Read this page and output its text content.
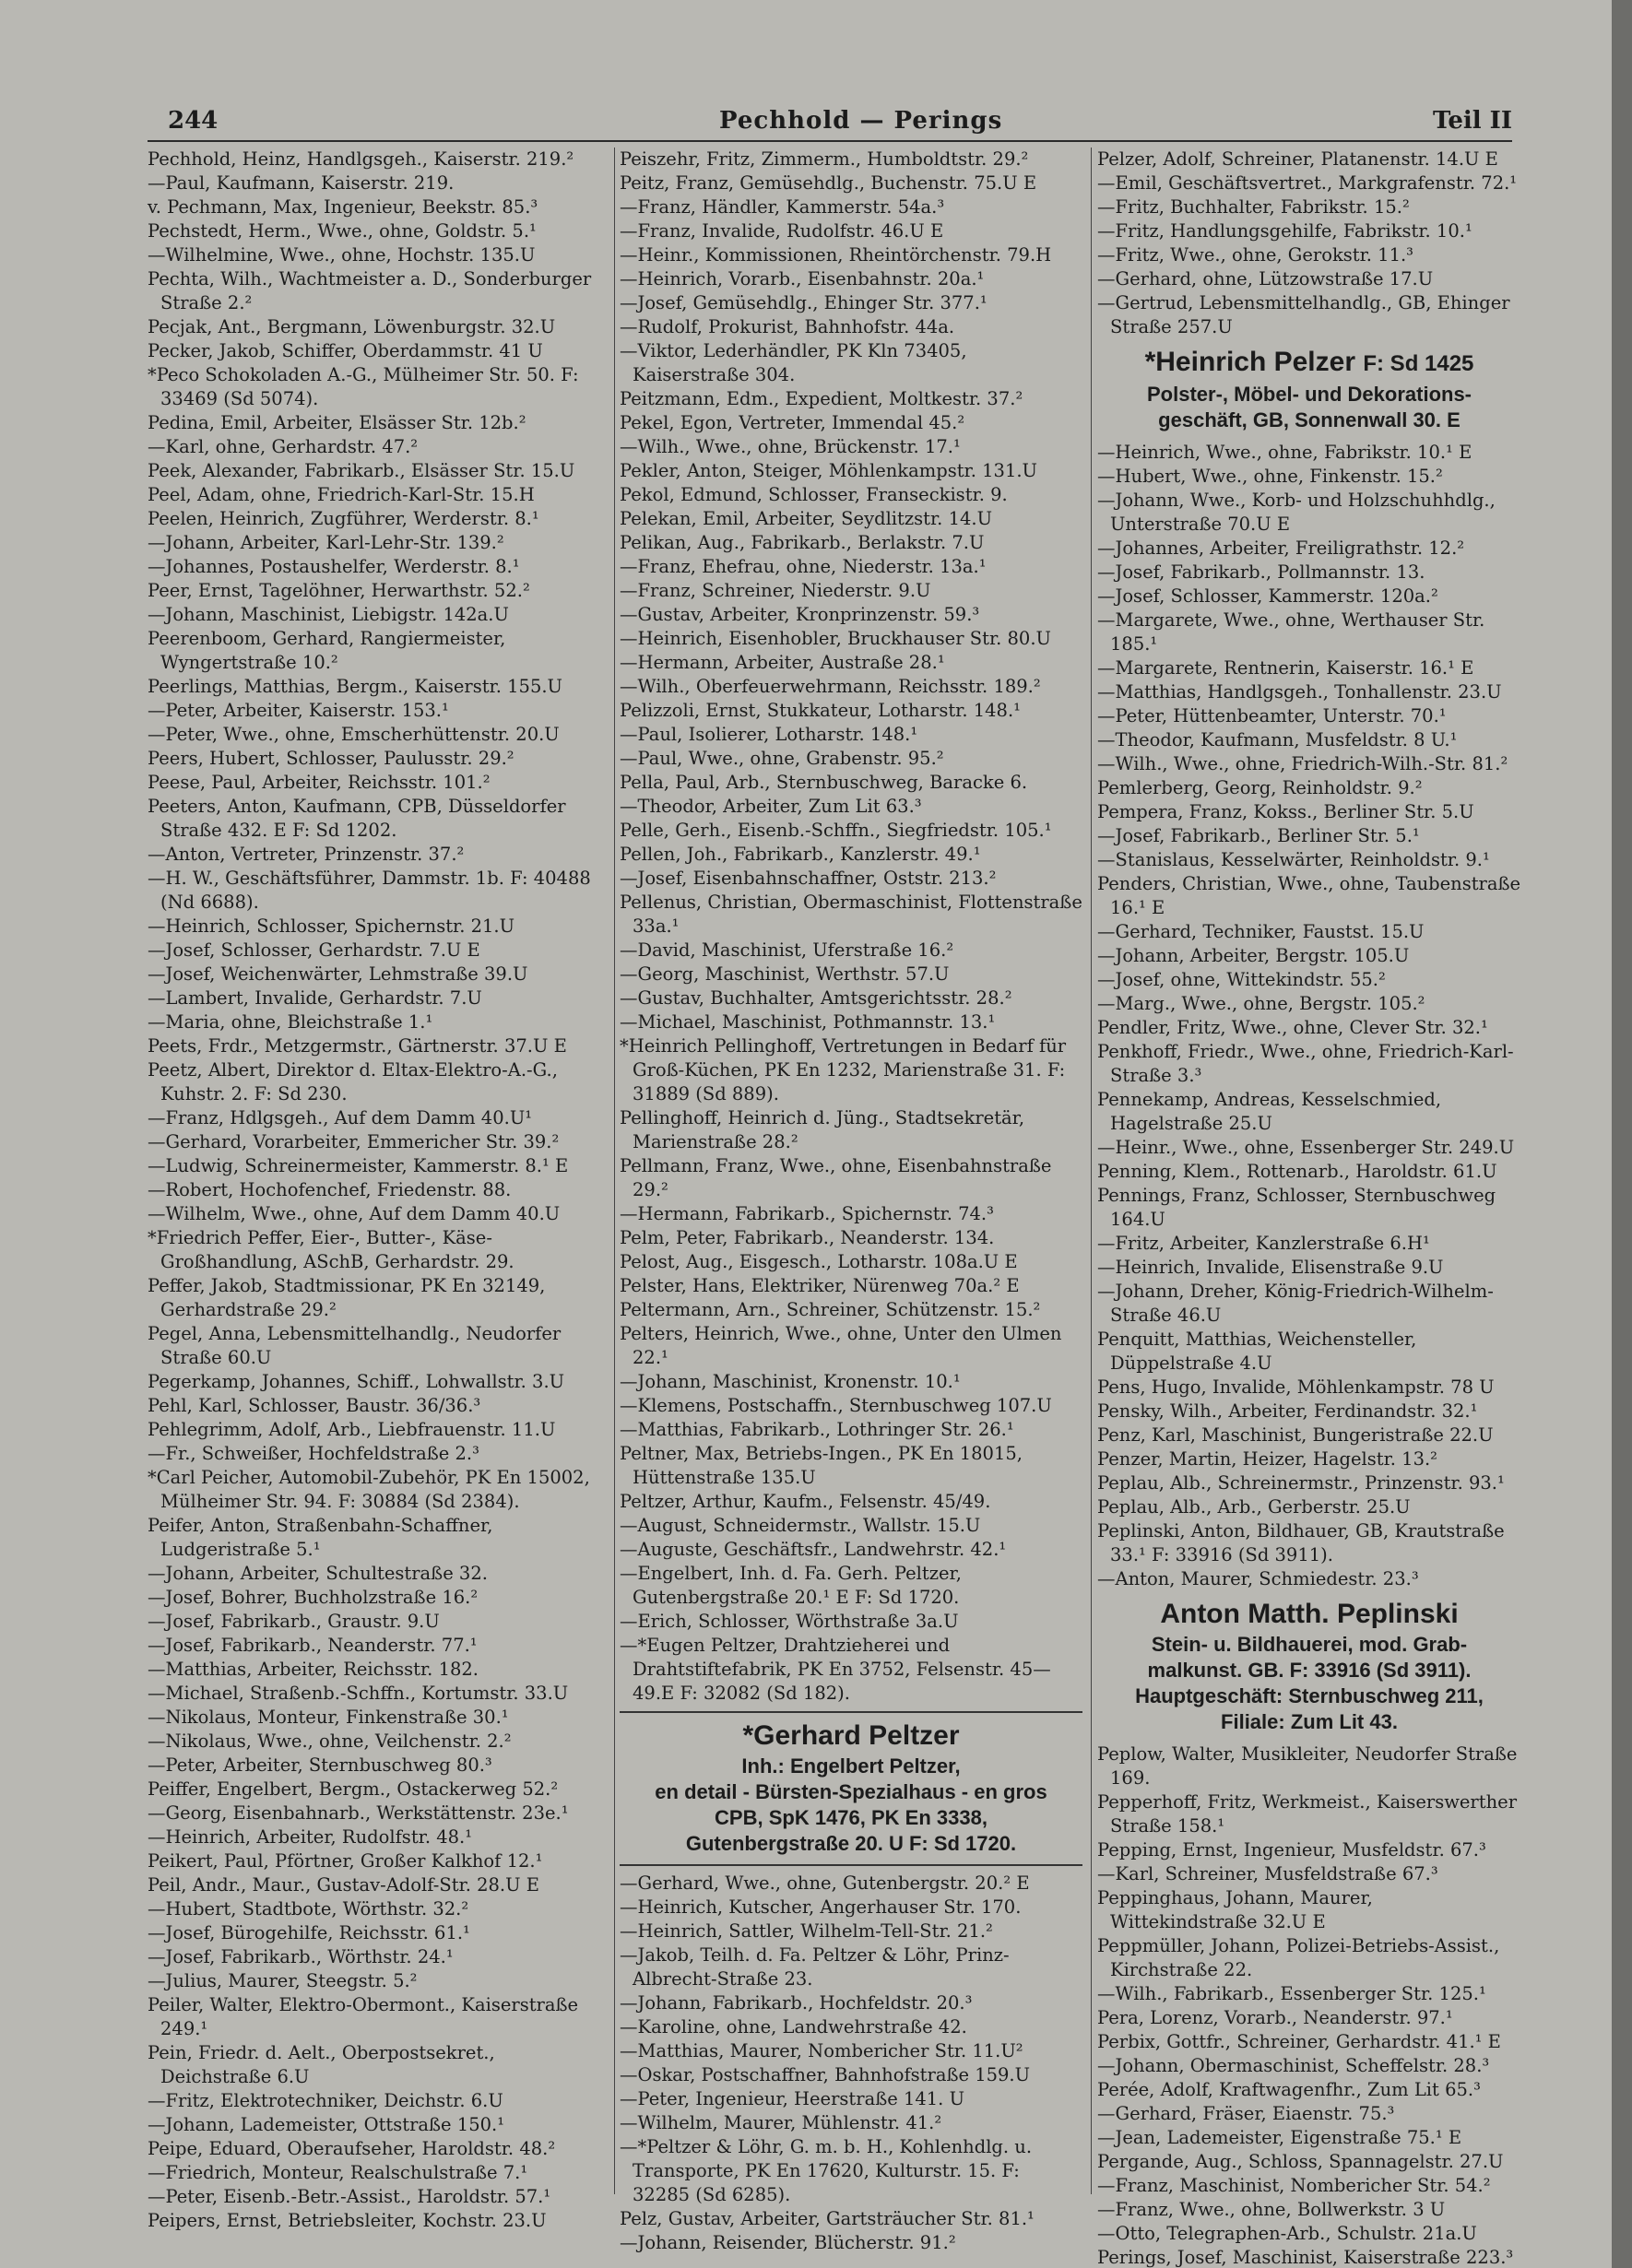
244	Pechhold — Perings	Teil II
Pechhold, Heinz, Handlgsgeh., Kaiserstr. 219.²
—Paul, Kaufmann, Kaiserstr. 219.
v. Pechmann, Max, Ingenieur, Beekstr. 85.³
Pechstedt, Herm., Wwe., ohne, Goldstr. 5.¹
—Wilhelmine, Wwe., ohne, Hochstr. 135.U
Pechta, Wilh., Wachtmeister a. D., Sonderburger Straße 2.²
Pecjak, Ant., Bergmann, Löwenburgstr. 32.U
Pecker, Jakob, Schiffer, Oberdammstr. 41 U
*Peco Schokoladen A.-G., Mülheimer Str. 50. F: 33469 (Sd 5074).
Pedina, Emil, Arbeiter, Elsässer Str. 12b.²
—Karl, ohne, Gerhardstr. 47.²
Peek, Alexander, Fabrikarb., Elsässer Str. 15.U
Peel, Adam, ohne, Friedrich-Karl-Str. 15.H
Peelen, Heinrich, Zugführer, Werderstr. 8.¹
—Johann, Arbeiter, Karl-Lehr-Str. 139.²
—Johannes, Postaushelfer, Werderstr. 8.¹
Peer, Ernst, Tagelöhner, Herwarthstr. 52.²
—Johann, Maschinist, Liebigstr. 142a.U
Peerenboom, Gerhard, Rangiermeister, Wyngertstraße 10.²
Peerlings, Matthias, Bergm., Kaiserstr. 155.U
—Peter, Arbeiter, Kaiserstr. 153.¹
—Peter, Wwe., ohne, Emscherhüttenstr. 20.U
Peers, Hubert, Schlosser, Paulusstr. 29.²
Peese, Paul, Arbeiter, Reichsstr. 101.²
Peeters, Anton, Kaufmann, CPB, Düsseldorfer Straße 432. E F: Sd 1202.
—Anton, Vertreter, Prinzenstr. 37.²
—H. W., Geschäftsführer, Dammstr. 1b. F: 40488 (Nd 6688).
—Heinrich, Schlosser, Spichernstr. 21.U
—Josef, Schlosser, Gerhardstr. 7.U E
—Josef, Weichenwärter, Lehmstraße 39.U
—Lambert, Invalide, Gerhardstr. 7.U
—Maria, ohne, Bleichstraße 1.¹
Peets, Frdr., Metzgermstr., Gärtnerstr. 37.U E
Peetz, Albert, Direktor d. Eltax-Elektro-A.-G., Kuhstr. 2. F: Sd 230.
—Franz, Hdlgsgeh., Auf dem Damm 40.U¹
—Gerhard, Vorarbeiter, Emmericher Str. 39.²
—Ludwig, Schreinermeister, Kammerstr. 8.¹ E
—Robert, Hochofenchef, Friedenstr. 88.
—Wilhelm, Wwe., ohne, Auf dem Damm 40.U
*Friedrich Peffer, Eier-, Butter-, Käse-Großhandlung, ASchB, Gerhardstr. 29.
Peffer, Jakob, Stadtmissionar, PK En 32149, Gerhardstraße 29.²
Pegel, Anna, Lebensmittelhandlg., Neudorfer Straße 60.U
Pegerkamp, Johannes, Schiff., Lohwallstr. 3.U
Pehl, Karl, Schlosser, Baustr. 36/36.³
Pehlegrimm, Adolf, Arb., Liebfrauenstr. 11.U
—Fr., Schweißer, Hochfeldstraße 2.³
*Carl Peicher, Automobil-Zubehör, PK En 15002, Mülheimer Str. 94. F: 30884 (Sd 2384).
Peifer, Anton, Straßenbahn-Schaffner, Ludgeristraße 5.¹
—Johann, Arbeiter, Schultestraße 32.
—Josef, Bohrer, Buchholzstraße 16.²
—Josef, Fabrikarb., Graustr. 9.U
—Josef, Fabrikarb., Neanderstr. 77.¹
—Matthias, Arbeiter, Reichsstr. 182.
—Michael, Straßenb.-Schffn., Kortumstr. 33.U
—Nikolaus, Monteur, Finkenstraße 30.¹
—Nikolaus, Wwe., ohne, Veilchenstr. 2.²
—Peter, Arbeiter, Sternbuschweg 80.³
Peiffer, Engelbert, Bergm., Ostackerweg 52.²
—Georg, Eisenbahnarb., Werkstättenstr. 23e.¹
—Heinrich, Arbeiter, Rudolfstr. 48.¹
Peikert, Paul, Pförtner, Großer Kalkhof 12.¹
Peil, Andr., Maur., Gustav-Adolf-Str. 28.U E
—Hubert, Stadtbote, Wörthstr. 32.²
—Josef, Bürogehilfe, Reichsstr. 61.¹
—Josef, Fabrikarb., Wörthstr. 24.¹
—Julius, Maurer, Steegstr. 5.²
Peiler, Walter, Elektro-Obermont., Kaiserstraße 249.¹
Pein, Friedr. d. Aelt., Oberpostsekret., Deichstraße 6.U
—Fritz, Elektrotechniker, Deichstr. 6.U
—Johann, Lademeister, Ottstraße 150.¹
Peipe, Eduard, Oberaufseher, Haroldstr. 48.²
—Friedrich, Monteur, Realschulstraße 7.¹
—Peter, Eisenb.-Betr.-Assist., Haroldstr. 57.¹
Peipers, Ernst, Betriebsleiter, Kochstr. 23.U
Peiszehr, Fritz, Zimmerm., Humboldtstr. 29.²
Peitz, Franz, Gemüsehdlg., Buchenstr. 75.U E
—Franz, Händler, Kammerstr. 54a.³
—Franz, Invalide, Rudolfstr. 46.U E
—Heinr., Kommissionen, Rheintörchenstr. 79.H
—Heinrich, Vorarb., Eisenbahnstr. 20a.¹
—Josef, Gemüsehdlg., Ehinger Str. 377.¹
—Rudolf, Prokurist, Bahnhofstr. 44a.
—Viktor, Lederhändler, PK Kln 73405, Kaiserstraße 304.
Peitzmann, Edm., Expedient, Moltkestr. 37.²
Pekel, Egon, Vertreter, Immendal 45.²
—Wilh., Wwe., ohne, Brückenstr. 17.¹
Pekler, Anton, Steiger, Möhlenkampstr. 131.U
Pekol, Edmund, Schlosser, Franseckistr. 9.
Pelekan, Emil, Arbeiter, Seydlitzstr. 14.U
Pelikan, Aug., Fabrikarb., Berlakstr. 7.U
—Franz, Ehefrau, ohne, Niederstr. 13a.¹
—Franz, Schreiner, Niederstr. 9.U
—Gustav, Arbeiter, Kronprinzenstr. 59.³
—Heinrich, Eisenhobler, Bruckhauser Str. 80.U
—Hermann, Arbeiter, Austraße 28.¹
—Wilh., Oberfeuerwehrmann, Reichsstr. 189.²
Pelizzoli, Ernst, Stukkateur, Lotharstr. 148.¹
—Paul, Isolierer, Lotharstr. 148.¹
—Paul, Wwe., ohne, Grabenstr. 95.²
Pella, Paul, Arb., Sternbuschweg, Baracke 6.
—Theodor, Arbeiter, Zum Lit 63.³
Pelle, Gerh., Eisenb.-Schffn., Siegfriedstr. 105.¹
Pellen, Joh., Fabrikarb., Kanzlerstr. 49.¹
—Josef, Eisenbahnschaffner, Oststr. 213.²
Pellenus, Christian, Obermaschinist, Flottenstraße 33a.¹
—David, Maschinist, Uferstraße 16.²
—Georg, Maschinist, Werthstr. 57.U
—Gustav, Buchhalter, Amtsgerichtsstr. 28.²
—Michael, Maschinist, Pothmannstr. 13.¹
*Heinrich Pellinghoff, Vertretungen in Bedarf für Groß-Küchen, PK En 1232, Marienstraße 31. F: 31889 (Sd 889).
Pellinghoff, Heinrich d. Jüng., Stadtsekretär, Marienstraße 28.²
Pellmann, Franz, Wwe., ohne, Eisenbahnstraße 29.²
—Hermann, Fabrikarb., Spichernstr. 74.³
Pelm, Peter, Fabrikarb., Neanderstr. 134.
Pelost, Aug., Eisgesch., Lotharstr. 108a.U E
Pelster, Hans, Elektriker, Nürenweg 70a.² E
Peltermann, Arn., Schreiner, Schützenstr. 15.²
Pelters, Heinrich, Wwe., ohne, Unter den Ulmen 22.¹
—Johann, Maschinist, Kronenstr. 10.¹
—Klemens, Postschaffn., Sternbuschweg 107.U
—Matthias, Fabrikarb., Lothringer Str. 26.¹
Peltner, Max, Betriebs-Ingen., PK En 18015, Hüttenstraße 135.U
Peltzer, Arthur, Kaufm., Felsenstr. 45/49.
—August, Schneidermstr., Wallstr. 15.U
—Auguste, Geschäftsfr., Landwehrstr. 42.¹
—Engelbert, Inh. d. Fa. Gerh. Peltzer, Gutenbergstraße 20.¹ E F: Sd 1720.
—Erich, Schlosser, Wörthstraße 3a.U
—*Eugen Peltzer, Drahtzieherei und Drahtstiftefabrik, PK En 3752, Felsenstr. 45—49.E F: 32082 (Sd 182).
*Gerhard Peltzer
Inh.: Engelbert Peltzer,
en detail - Bürsten-Spezialhaus - en gros
CPB, SpK 1476, PK En 3338,
Gutenbergstraße 20. U F: Sd 1720.
—Gerhard, Wwe., ohne, Gutenbergstr. 20.² E
—Heinrich, Kutscher, Angerhauser Str. 170.
—Heinrich, Sattler, Wilhelm-Tell-Str. 21.²
—Jakob, Teilh. d. Fa. Peltzer & Löhr, Prinz-Albrecht-Straße 23.
—Johann, Fabrikarb., Hochfeldstr. 20.³
—Karoline, ohne, Landwehrstraße 42.
—Matthias, Maurer, Nombericher Str. 11.U²
—Oskar, Postschaffner, Bahnhofstraße 159.U
—Peter, Ingenieur, Heerstraße 141. U
—Wilhelm, Maurer, Mühlenstr. 41.²
—*Peltzer & Löhr, G. m. b. H., Kohlenhdlg. u. Transporte, PK En 17620, Kulturstr. 15. F: 32285 (Sd 6285).
Pelz, Gustav, Arbeiter, Gartsträucher Str. 81.¹
—Johann, Reisender, Blücherstr. 91.²
Pelzer, Adolf, Schreiner, Platanenstr. 14.U E
—Emil, Geschäftsvertret., Markgrafenstr. 72.¹
—Fritz, Buchhalter, Fabrikstr. 15.²
—Fritz, Handlungsgehilfe, Fabrikstr. 10.¹
—Fritz, Wwe., ohne, Gerokstr. 11.³
—Gerhard, ohne, Lützowstraße 17.U
—Gertrud, Lebensmittelhandlg., GB, Ehinger Straße 257.U
*Heinrich Pelzer F: Sd 1425
Polster-, Möbel- und Dekorations-
geschäft, GB, Sonnenwall 30. E
—Heinrich, Wwe., ohne, Fabrikstr. 10.¹ E
—Hubert, Wwe., ohne, Finkenstr. 15.²
—Johann, Wwe., Korb- und Holzschuhhdlg., Unterstraße 70.U E
—Johannes, Arbeiter, Freiligrathstr. 12.²
—Josef, Fabrikarb., Pollmannstr. 13.
—Josef, Schlosser, Kammerstr. 120a.²
—Margarete, Wwe., ohne, Werthauser Str. 185.¹
—Margarete, Rentnerin, Kaiserstr. 16.¹ E
—Matthias, Handlgsgeh., Tonhallenstr. 23.U
—Peter, Hüttenbeamter, Unterstr. 70.¹
—Theodor, Kaufmann, Musfeldstr. 8 U.¹
—Wilh., Wwe., ohne, Friedrich-Wilh.-Str. 81.²
Pemlerberg, Georg, Reinholdstr. 9.²
Pempera, Franz, Kokss., Berliner Str. 5.U
—Josef, Fabrikarb., Berliner Str. 5.¹
—Stanislaus, Kesselwärter, Reinholdstr. 9.¹
Penders, Christian, Wwe., ohne, Taubenstraße 16.¹ E
—Gerhard, Techniker, Faustst. 15.U
—Johann, Arbeiter, Bergstr. 105.U
—Josef, ohne, Wittekindstr. 55.²
—Marg., Wwe., ohne, Bergstr. 105.²
Pendler, Fritz, Wwe., ohne, Clever Str. 32.¹
Penkhoff, Friedr., Wwe., ohne, Friedrich-Karl-Straße 3.³
Pennekamp, Andreas, Kesselschmied, Hagelstraße 25.U
—Heinr., Wwe., ohne, Essenberger Str. 249.U
Penning, Klem., Rottenarb., Haroldstr. 61.U
Pennings, Franz, Schlosser, Sternbuschweg 164.U
—Fritz, Arbeiter, Kanzlerstraße 6.H¹
—Heinrich, Invalide, Elisenstraße 9.U
—Johann, Dreher, König-Friedrich-Wilhelm-Straße 46.U
Penquitt, Matthias, Weichensteller, Düppelstraße 4.U
Pens, Hugo, Invalide, Möhlenkampstr. 78 U
Pensky, Wilh., Arbeiter, Ferdinandstr. 32.¹
Penz, Karl, Maschinist, Bungeristraße 22.U
Penzer, Martin, Heizer, Hagelstr. 13.²
Peplau, Alb., Schreinermstr., Prinzenstr. 93.¹
Peplau, Alb., Arb., Gerberstr. 25.U
Peplinski, Anton, Bildhauer, GB, Krautstraße 33.¹ F: 33916 (Sd 3911).
—Anton, Maurer, Schmiedestr. 23.³
Anton Matth. Peplinski
Stein- u. Bildhauerei, mod. Grab-
malkunst. GB. F: 33916 (Sd 3911).
Hauptgeschäft: Sternbuschweg 211,
Filiale: Zum Lit 43.
Peplow, Walter, Musikleiter, Neudorfer Straße 169.
Pepperhoff, Fritz, Werkmeist., Kaiserswerther Straße 158.¹
Pepping, Ernst, Ingenieur, Musfeldstr. 67.³
—Karl, Schreiner, Musfeldstraße 67.³
Peppinghaus, Johann, Maurer, Wittekindstraße 32.U E
Peppmüller, Johann, Polizei-Betriebs-Assist., Kirchstraße 22.
—Wilh., Fabrikarb., Essenberger Str. 125.¹
Pera, Lorenz, Vorarb., Neanderstr. 97.¹
Perbix, Gottfr., Schreiner, Gerhardstr. 41.¹ E
—Johann, Obermaschinist, Scheffelstr. 28.³
Perée, Adolf, Kraftwagenfhr., Zum Lit 65.³
—Gerhard, Fräser, Eiaenstr. 75.³
—Jean, Lademeister, Eigenstraße 75.¹ E
Pergande, Aug., Schloss, Spannagelstr. 27.U
—Franz, Maschinist, Nombericher Str. 54.²
—Franz, Wwe., ohne, Bollwerkstr. 3 U
—Otto, Telegraphen-Arb., Schulstr. 21a.U
Perings, Josef, Maschinist, Kaiserstraße 223.³
